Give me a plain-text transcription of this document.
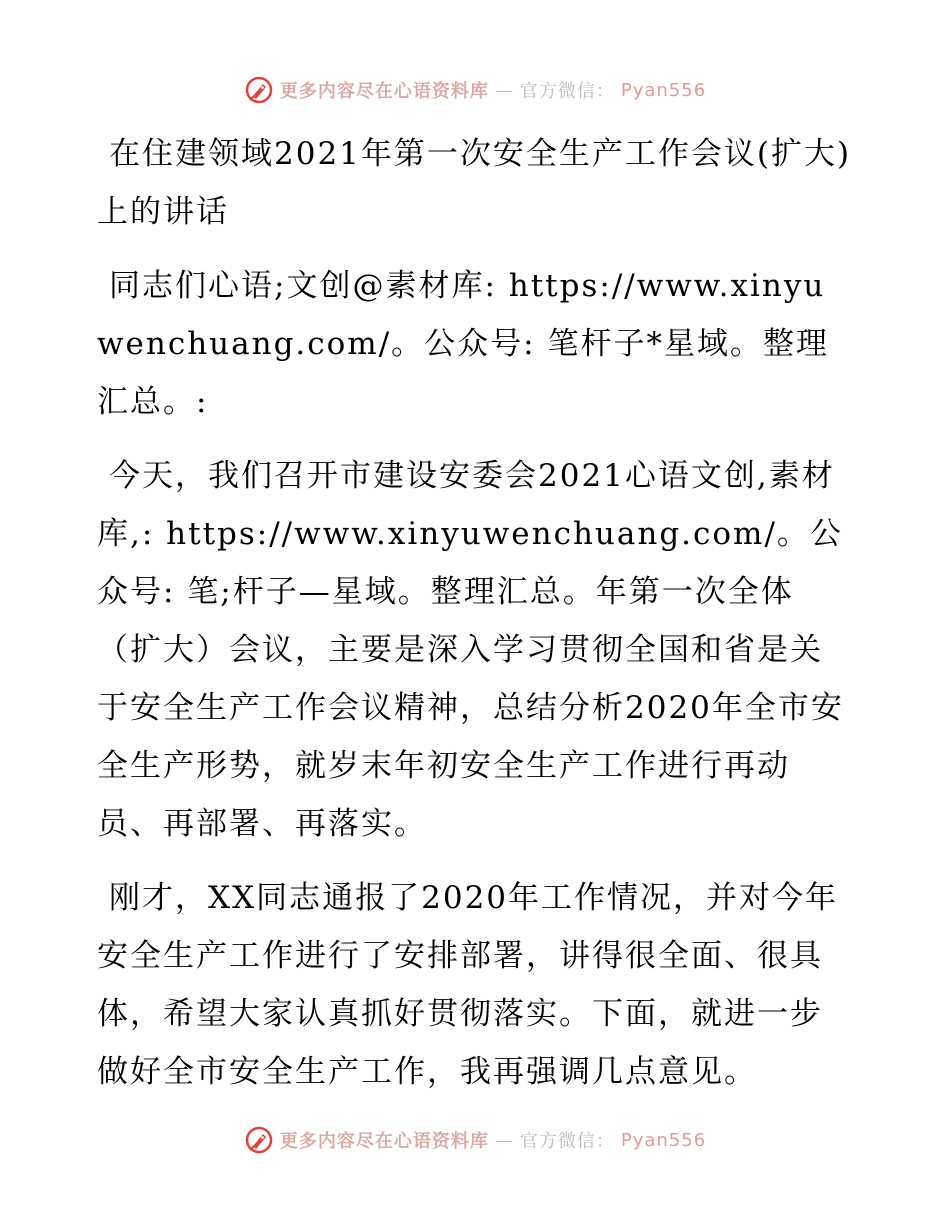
更多内容尽在心语资料库 — 官方微信： Pyan556

在住建领域2021年第一次安全生产工作会议(扩大)上的讲话

同志们心语;文创@素材库: https://www.xinyuwenchuang.com/。公众号: 笔杆子*星域。整理汇总。:

今天，我们召开市建设安委会2021心语文创,素材库,: https://www.xinyuwenchuang.com/。公众号: 笔;杆子—星域。整理汇总。年第一次全体（扩大）会议，主要是深入学习贯彻全国和省是关于安全生产工作会议精神，总结分析2020年全市安全生产形势，就岁末年初安全生产工作进行再动员、再部署、再落实。

刚才，XX同志通报了2020年工作情况，并对今年安全生产工作进行了安排部署，讲得很全面、很具体，希望大家认真抓好贯彻落实。下面，就进一步做好全市安全生产工作，我再强调几点意见。

更多内容尽在心语资料库 — 官方微信： Pyan556
